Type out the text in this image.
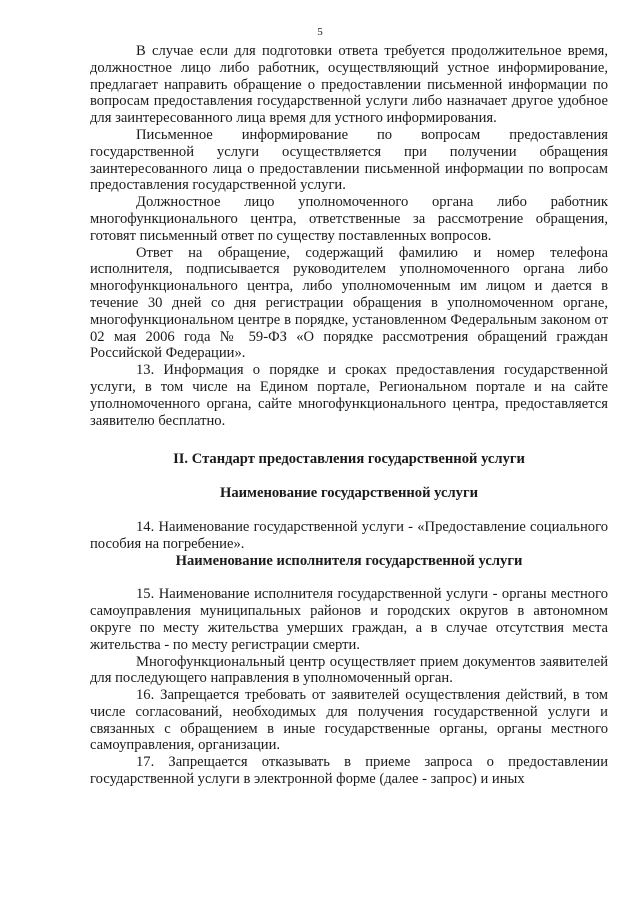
5

В случае если для подготовки ответа требуется продолжительное время, должностное лицо либо работник, осуществляющий устное информирование, предлагает направить обращение о предоставлении письменной информации по вопросам предоставления государственной услуги либо назначает другое удобное для заинтересованного лица время для устного информирования.

Письменное информирование по вопросам предоставления государственной услуги осуществляется при получении обращения заинтересованного лица о предоставлении письменной информации по вопросам предоставления государственной услуги.

Должностное лицо уполномоченного органа либо работник многофункционального центра, ответственные за рассмотрение обращения, готовят письменный ответ по существу поставленных вопросов.

Ответ на обращение, содержащий фамилию и номер телефона исполнителя, подписывается руководителем уполномоченного органа либо многофункционального центра, либо уполномоченным им лицом и дается в течение 30 дней со дня регистрации обращения в уполномоченном органе, многофункциональном центре в порядке, установленном Федеральным законом от 02 мая 2006 года № 59-ФЗ «О порядке рассмотрения обращений граждан Российской Федерации».

13. Информация о порядке и сроках предоставления государственной услуги, в том числе на Едином портале, Региональном портале и на сайте уполномоченного органа, сайте многофункционального центра, предоставляется заявителю бесплатно.

II. Стандарт предоставления государственной услуги
Наименование государственной услуги

14. Наименование государственной услуги - «Предоставление социального пособия на погребение».

Наименование исполнителя государственной услуги

15. Наименование исполнителя государственной услуги - органы местного самоуправления муниципальных районов и городских округов в автономном округе по месту жительства умерших граждан, а в случае отсутствия места жительства - по месту регистрации смерти.

Многофункциональный центр осуществляет прием документов заявителей для последующего направления в уполномоченный орган.

16. Запрещается требовать от заявителей осуществления действий, в том числе согласований, необходимых для получения государственной услуги и связанных с обращением в иные государственные органы, органы местного самоуправления, организации.

17. Запрещается отказывать в приеме запроса о предоставлении государственной услуги в электронной форме (далее - запрос) и иных
